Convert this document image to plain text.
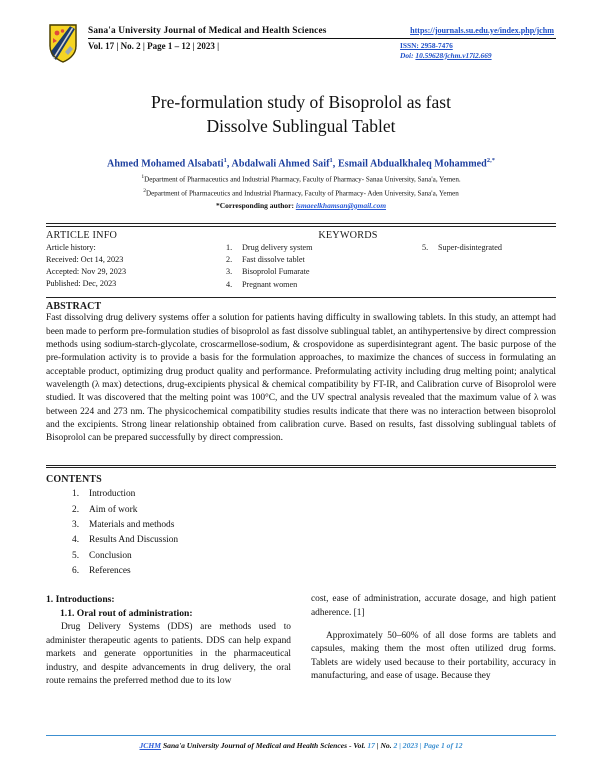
Sana'a University Journal of Medical and Health Sciences	https://journals.su.edu.ye/index.php/jchm
Vol. 17 | No. 2 | Page 1 – 12 | 2023 |	ISSN: 2958-7476
Doi: 10.59628/jchm.v17i2.669
Pre-formulation study of Bisoprolol as fast
Dissolve Sublingual Tablet
Ahmed Mohamed Alsabati$^1$, Abdalwali Ahmed Saif$^1$, Esmail Abdualkhaleq Mohammed$^{2,*}$
$^1$Department of Pharmaceutics and Industrial Pharmacy, Faculty of Pharmacy- Sanaa University, Sana'a, Yemen.
$^2$Department of Pharmaceutics and Industrial Pharmacy, Faculty of Pharmacy- Aden University, Sana'a, Yemen
*Corresponding author: ismaeelkhamsan@gmail.com
ARTICLE INFO	KEYWORDS
Article history:
Received: Oct 14, 2023
Accepted: Nov 29, 2023
Published: Dec, 2023
1.	Drug delivery system
2.	Fast dissolve tablet
3.	Bisoprolol Fumarate
4.	Pregnant women
5.	Super-disintegrated
ABSTRACT
Fast dissolving drug delivery systems offer a solution for patients having difficulty in swallowing tablets. In this study, an attempt had been made to perform pre-formulation studies of bisoprolol as fast dissolve sublingual tablet, an antihypertensive by direct compression methods using sodium-starch-glycolate, croscarmellose-sodium, & crospovidone as superdisintegrant agent. The basic purpose of the pre-formulation activity is to provide a basis for the formulation approaches, to maximize the chances of success in formulating an acceptable product, optimizing drug product quality and performance. Preformulating activity including drug melting point; analytical wavelength (λ max) detections, drug-excipients physical & chemical compatibility by FT-IR, and Calibration curve of Bisoprolol were studied. It was discovered that the melting point was 100°C, and the UV spectral analysis revealed that the maximum value of λ was between 224 and 273 nm. The physicochemical compatibility studies results indicate that there was no interaction between bisoprolol and the excipients. Strong linear relationship obtained from calibration curve. Based on results, fast dissolving sublingual tablets of Bisoprolol can be prepared successfully by direct compression.
CONTENTS
1.	Introduction
2.	Aim of work
3.	Materials and methods
4.	Results And Discussion
5.	Conclusion
6.	References
1. Introductions:
1.1. Oral rout of administration:

Drug Delivery Systems (DDS) are methods used to administer therapeutic agents to patients. DDS can help expand markets and generate opportunities in the pharmaceutical industry, and despite advancements in drug delivery, the oral route remains the preferred method due to its low

cost, ease of administration, accurate dosage, and high patient adherence. [1]

Approximately 50–60% of all dose forms are tablets and capsules, making them the most often utilized drug forms. Tablets are widely used because to their portability, accuracy in manufacturing, and ease of usage. Because they

JCHM Sana'a University Journal of Medical and Health Sciences - Vol. 17 | No. 2 | 2023 | Page 1 of 12
